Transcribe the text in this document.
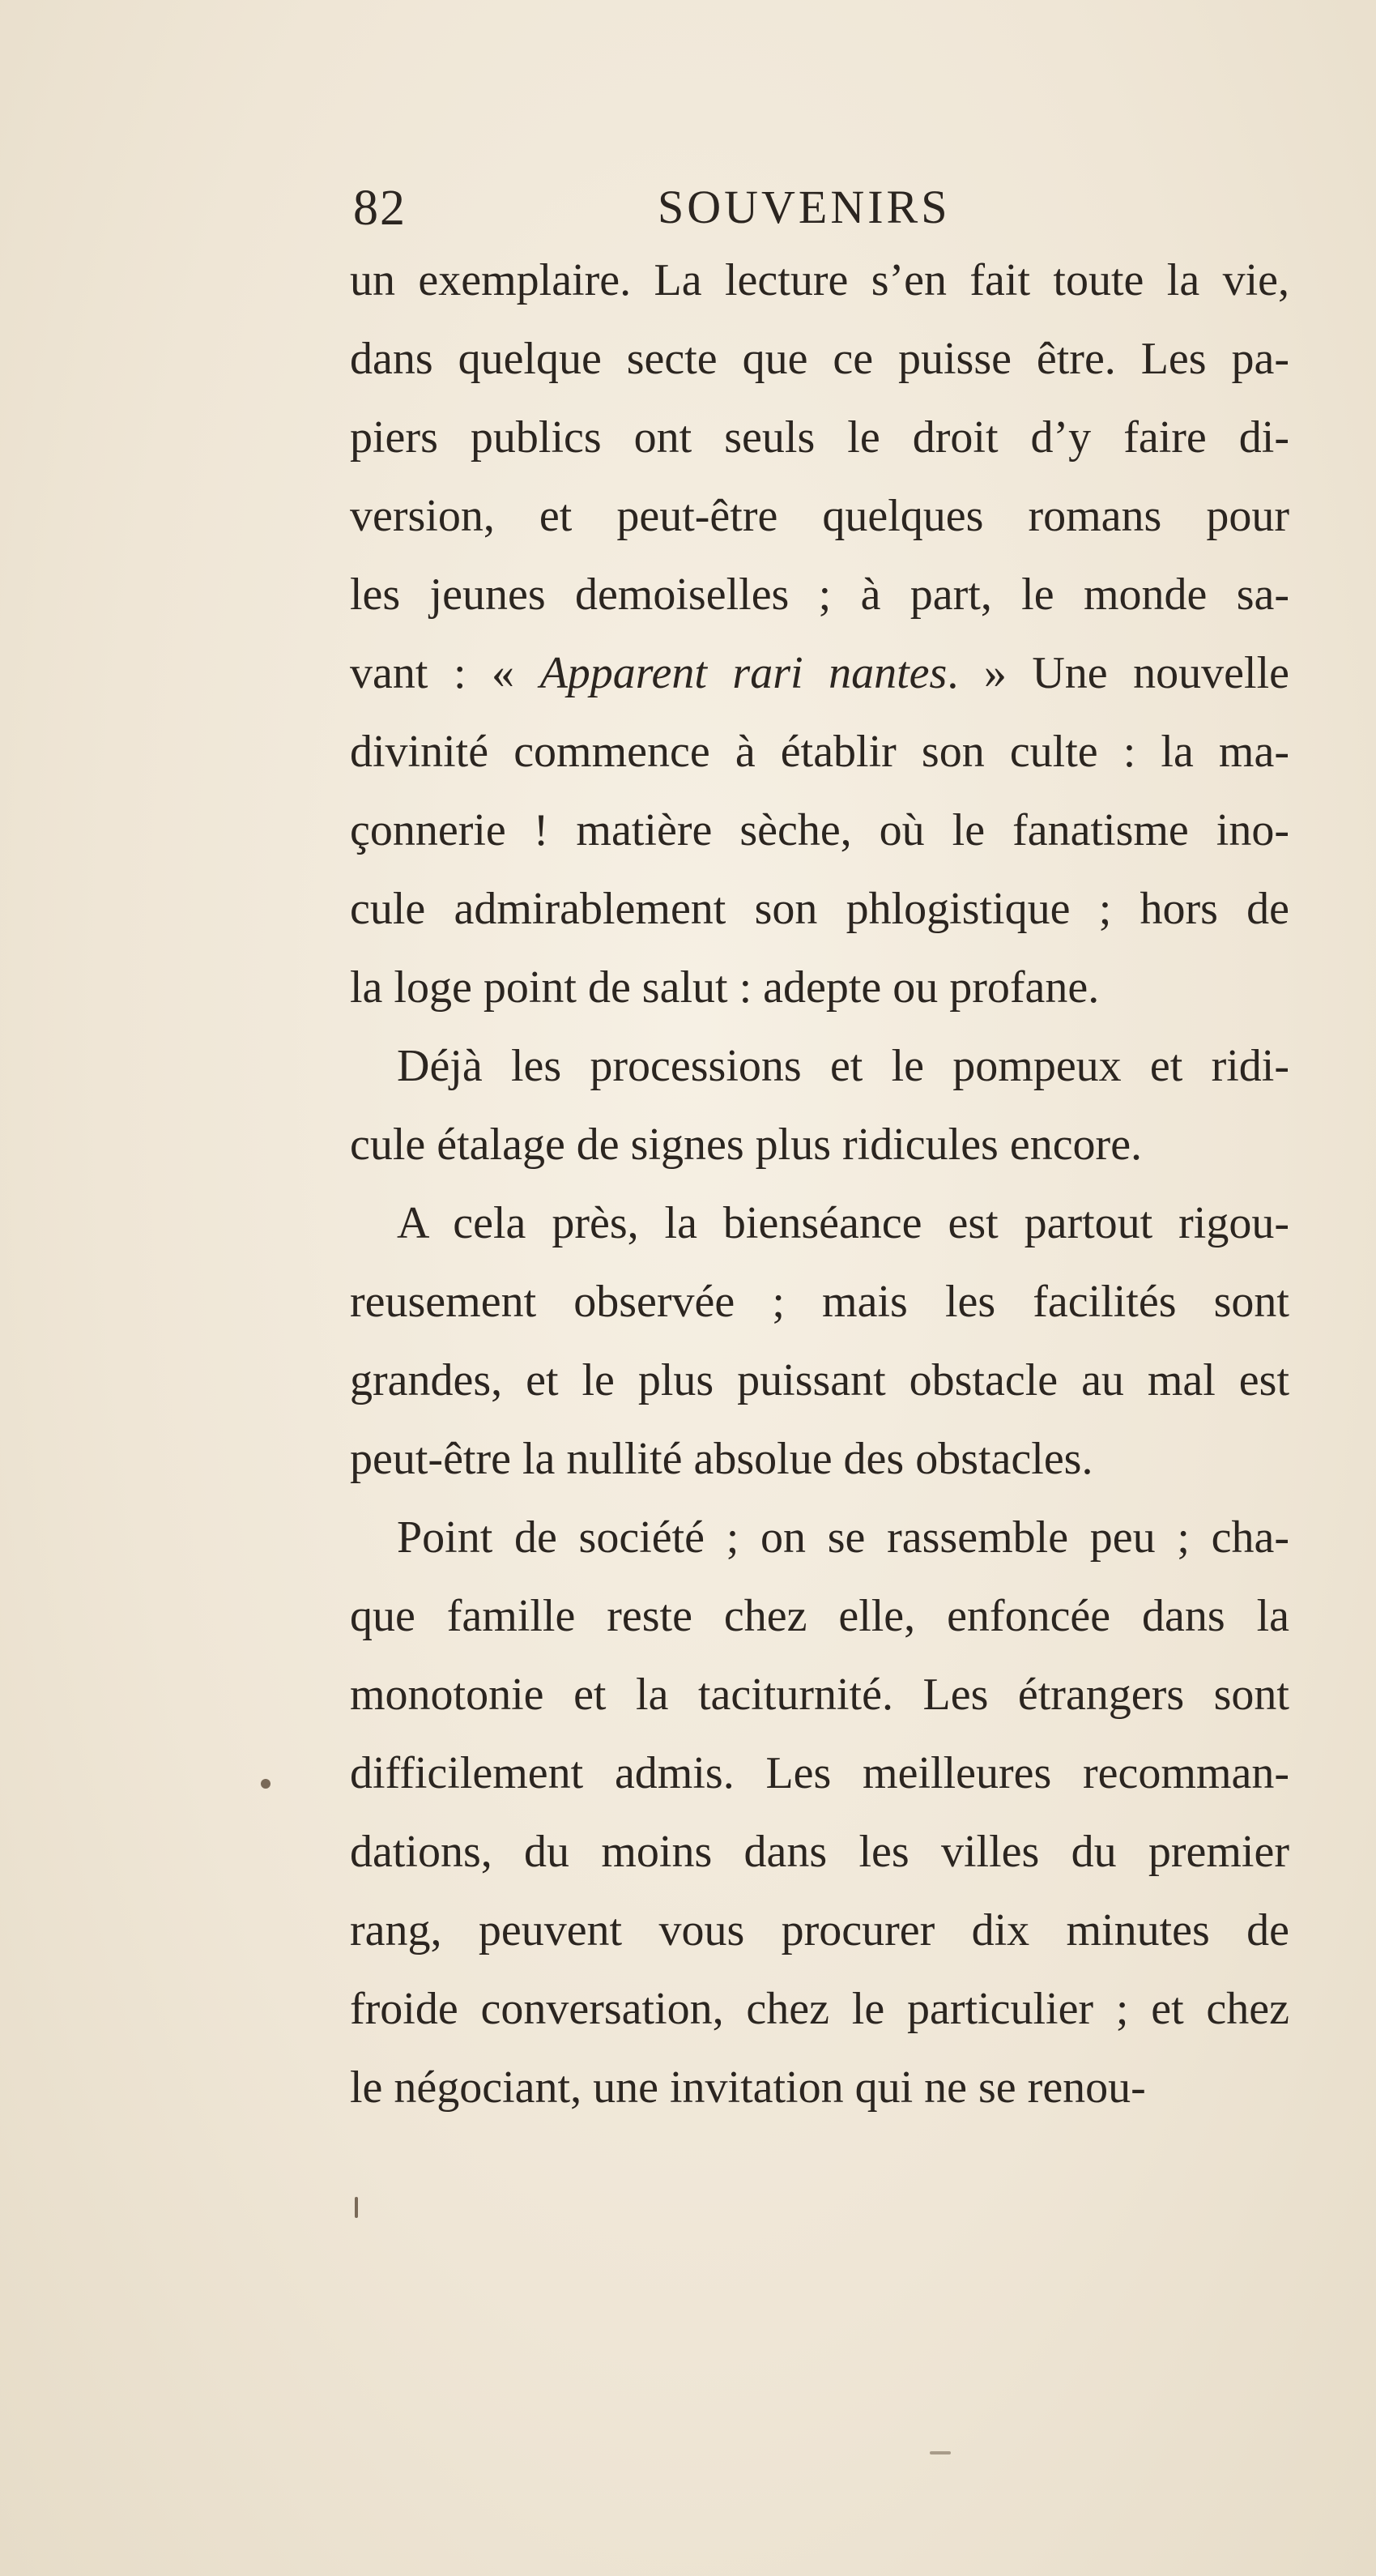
82	SOUVENIRS
un exemplaire. La lecture s’en fait toute la vie,
dans quelque secte que ce puisse être. Les pa-
piers publics ont seuls le droit d’y faire di-
version, et peut-être quelques romans pour
les jeunes demoiselles ; à part, le monde sa-
vant : « Apparent rari nantes. » Une nouvelle
divinité commence à établir son culte : la ma-
çonnerie ! matière sèche, où le fanatisme ino-
cule admirablement son phlogistique ; hors de
la loge point de salut : adepte ou profane.
Déjà les processions et le pompeux et ridi-
cule étalage de signes plus ridicules encore.
A cela près, la bienséance est partout rigou-
reusement observée ; mais les facilités sont
grandes, et le plus puissant obstacle au mal est
peut-être la nullité absolue des obstacles.
Point de société ; on se rassemble peu ; cha-
que famille reste chez elle, enfoncée dans la
monotonie et la taciturnité. Les étrangers sont
difficilement admis. Les meilleures recomman-
dations, du moins dans les villes du premier
rang, peuvent vous procurer dix minutes de
froide conversation, chez le particulier ; et chez
le négociant, une invitation qui ne se renou-
